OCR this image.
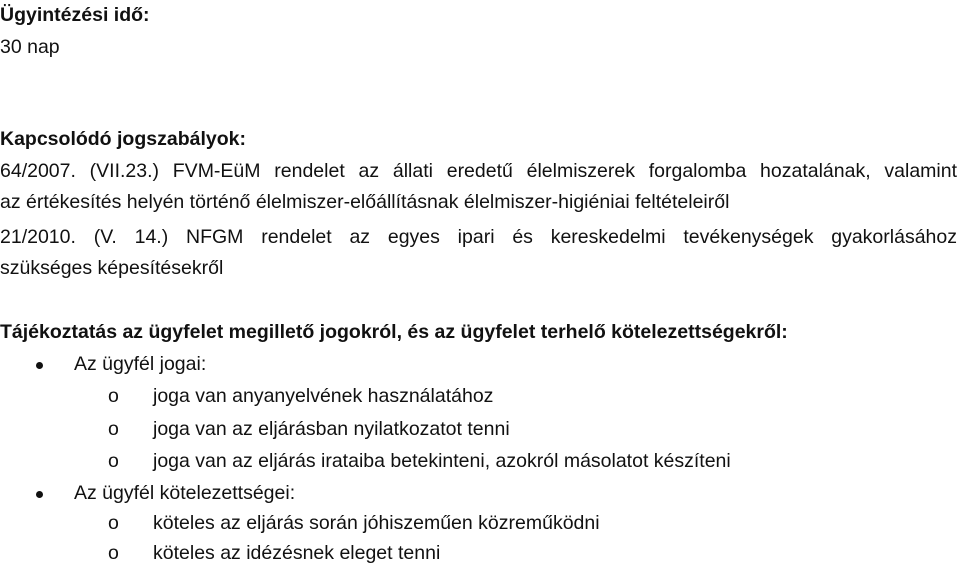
Ügyintézési idő:
30 nap
Kapcsolódó jogszabályok:
64/2007. (VII.23.) FVM-EüM rendelet az állati eredetű élelmiszerek forgalomba hozatalának, valamint
az értékesítés helyén történő élelmiszer-előállításnak élelmiszer-higiéniai feltételeiről
21/2010. (V. 14.) NFGM rendelet az egyes ipari és kereskedelmi tevékenységek gyakorlásához
szükséges képesítésekről
Tájékoztatás az ügyfelet megillető jogokról, és az ügyfelet terhelő kötelezettségekről:
Az ügyfél jogai:
o joga van anyanyelvének használatához
o joga van az eljárásban nyilatkozatot tenni
o joga van az eljárás irataiba betekinteni, azokról másolatot készíteni
Az ügyfél kötelezettségei:
o köteles az eljárás során jóhiszeműen közreműködni
o köteles az idézésnek eleget tenni
